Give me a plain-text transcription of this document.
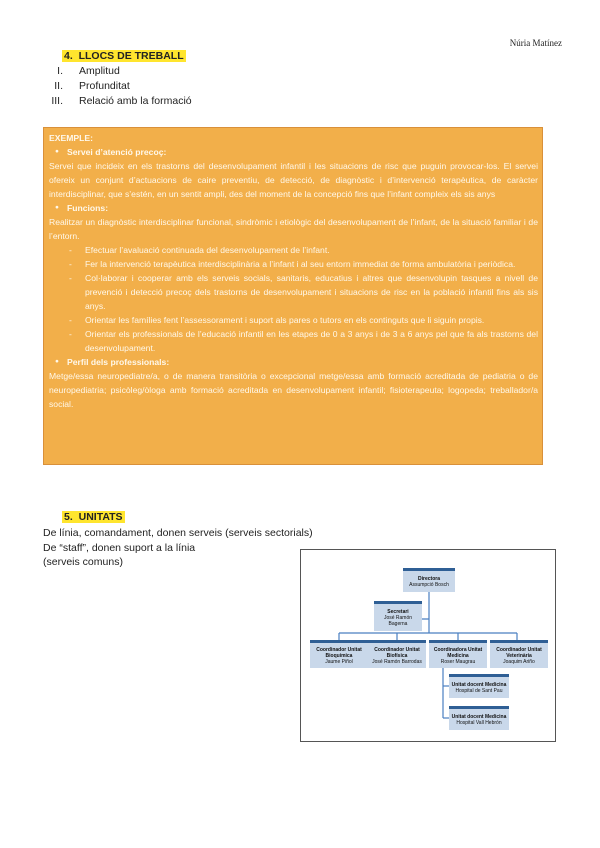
Núria Matínez
4. LLOCS DE TREBALL
I.	Amplitud
II.	Profunditat
III.	Relació amb la formació
EXEMPLE:
● Servei d’atenció precoç:
Servei que incideix en els trastorns del desenvolupament infantil i les situacions de risc que puguin provocar-los. El servei ofereix un conjunt d’actuacions de caire preventiu, de detecció, de diagnòstic i d’intervenció terapèutica, de caràcter interdisciplinar, que s’estén, en un sentit ampli, des del moment de la concepció fins que l’infant compleix els sis anys
● Funcions:
Realitzar un diagnòstic interdisciplinar funcional, sindròmic i etiològic del desenvolupament de l’infant, de la situació familiar i de l’entorn.
- Efectuar l’avaluació continuada del desenvolupament de l’infant.
- Fer la intervenció terapèutica interdisciplinària a l’infant i al seu entorn immediat de forma ambulatòria i periòdica.
- Col·laborar i cooperar amb els serveis socials, sanitaris, educatius i altres que desenvolupin tasques a nivell de prevenció i detecció precoç dels trastorns de desenvolupament i situacions de risc en la població infantil fins als sis anys.
- Orientar les famílies fent l’assessorament i suport als pares o tutors en els continguts que li siguin propis.
- Orientar els professionals de l’educació infantil en les etapes de 0 a 3 anys i de 3 a 6 anys pel que fa als trastorns del desenvolupament.
● Perfil dels professionals:
Metge/essa neuropediatre/a, o de manera transitòria o excepcional metge/essa amb formació acreditada de pediatria o de neuropediatria; psicòleg/òloga amb formació acreditada en desenvolupament infantil; fisioterapeuta; logopeda; treballador/a social.
5. UNITATS
De línia, comandament, donen serveis (serveis sectorials)
De “staff”, donen suport a la línia
(serveis comuns)
Directora
Assumpció Bosch
Secretari
José Ramón Bagerna
Coordinador Unitat Bioquímica
Jaume Piñol
Coordinador Unitat Biofísica
José Ramón Barrodas
Coordinadora Unitat Medicina
Roser Maugrau
Coordinador Unitat Veterinària
Joaquim Ariño
Unitat docent Medicina
Hospital de Sant Pau
Unitat docent Medicina
Hospital Vall Hebrón
